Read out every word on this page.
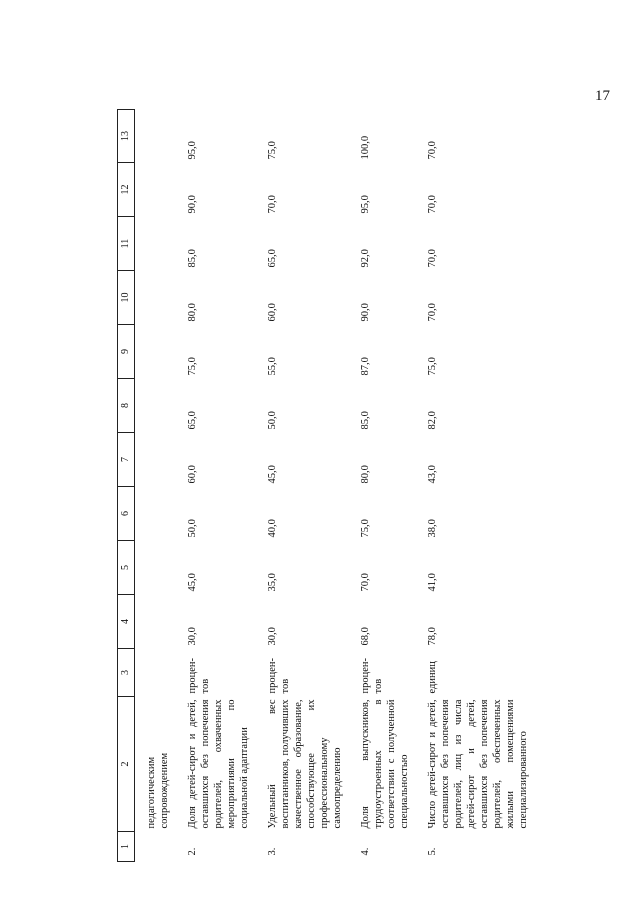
17
1	2	3	4	5	6	7	8	9	10	11	12	13
	педагогическим сопровождением											
2.	Доля детей-сирот и детей, оставшихся без попечения родителей, охваченных мероприятиями по социальной адаптации	процен-тов	30,0	45,0	50,0	60,0	65,0	75,0	80,0	85,0	90,0	95,0
3.	Удельный вес воспитанников, получивших качественное образование, способствующее их профессиональному самоопределению	процен-тов	30,0	35,0	40,0	45,0	50,0	55,0	60,0	65,0	70,0	75,0
4.	Доля выпускников, трудоустроенных в соответствии с полученной специальностью	процен-тов	68,0	70,0	75,0	80,0	85,0	87,0	90,0	92,0	95,0	100,0
5.	Число детей-сирот и детей, оставшихся без попечения родителей, лиц из числа детей-сирот и детей, оставшихся без попечения родителей, обеспеченных жилыми помещениями специализированного	единиц	78,0	41,0	38,0	43,0	82,0	75,0	70,0	70,0	70,0	70,0
